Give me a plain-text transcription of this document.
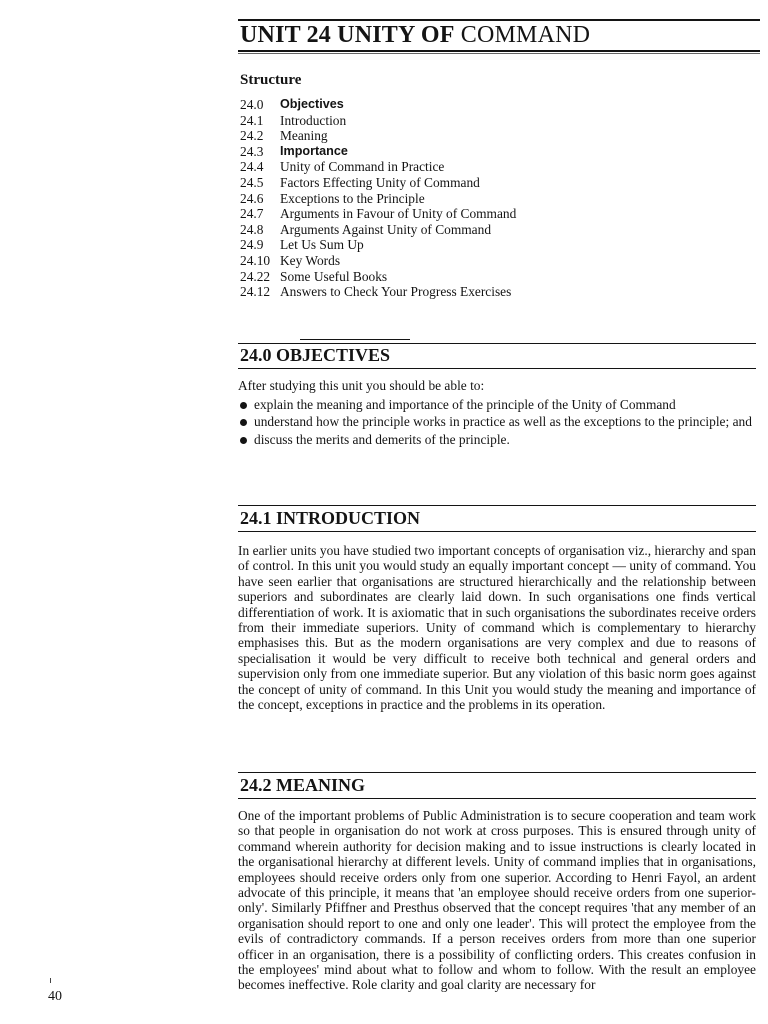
UNIT 24 UNITY OF COMMAND
Structure
24.0	Objectives
24.1	Introduction
24.2	Meaning
24.3	Importance
24.4	Unity of Command in Practice
24.5	Factors Effecting Unity of Command
24.6	Exceptions to the Principle
24.7	Arguments in Favour of Unity of Command
24.8	Arguments Against Unity of Command
24.9	Let Us Sum Up
24.10 Key Words
24.22 Some Useful Books
24.12 Answers to Check Your Progress Exercises
24.0 OBJECTIVES

After studying this unit you should be able to:

explain the meaning and importance of the principle of the Unity of Command
understand how the principle works in practice as well as the exceptions to the principle; and
discuss the merits and demerits of the principle.
24.1 INTRODUCTION

In earlier units you have studied two important concepts of organisation viz., hierarchy and span of control. In this unit you would study an equally important concept — unity of command. You have seen earlier that organisations are structured hierarchically and the relationship between superiors and subordinates are clearly laid down. In such organisations one finds vertical differentiation of work. It is axiomatic that in such organisations the subordinates receive orders from their immediate superiors. Unity of command which is complementary to hierarchy emphasises this. But as the modern organisations are very complex and due to reasons of specialisation it would be very difficult to receive both technical and general orders and supervision only from one immediate superior. But any violation of this basic norm goes against the concept of unity of command. In this Unit you would study the meaning and importance of the concept, exceptions in practice and the problems in its operation.

24.2 MEANING

One of the important problems of Public Administration is to secure cooperation and team work so that people in organisation do not work at cross purposes. This is ensured through unity of command wherein authority for decision making and to issue instructions is clearly located in the organisational hierarchy at different levels. Unity of command implies that in organisations, employees should receive orders only from one superior. According to Henri Fayol, an ardent advocate of this principle, it means that 'an employee should receive orders from one superior-only'. Similarly Pfiffner and Presthus observed that the concept requires 'that any member of an organisation should report to one and only one leader'. This will protect the employee from the evils of contradictory commands. If a person receives orders from more than one superior officer in an organisation, there is a possibility of conflicting orders. This creates confusion in the employees' mind about what to follow and whom to follow. With the result an employee becomes ineffective. Role clarity and goal clarity are necessary for

40
